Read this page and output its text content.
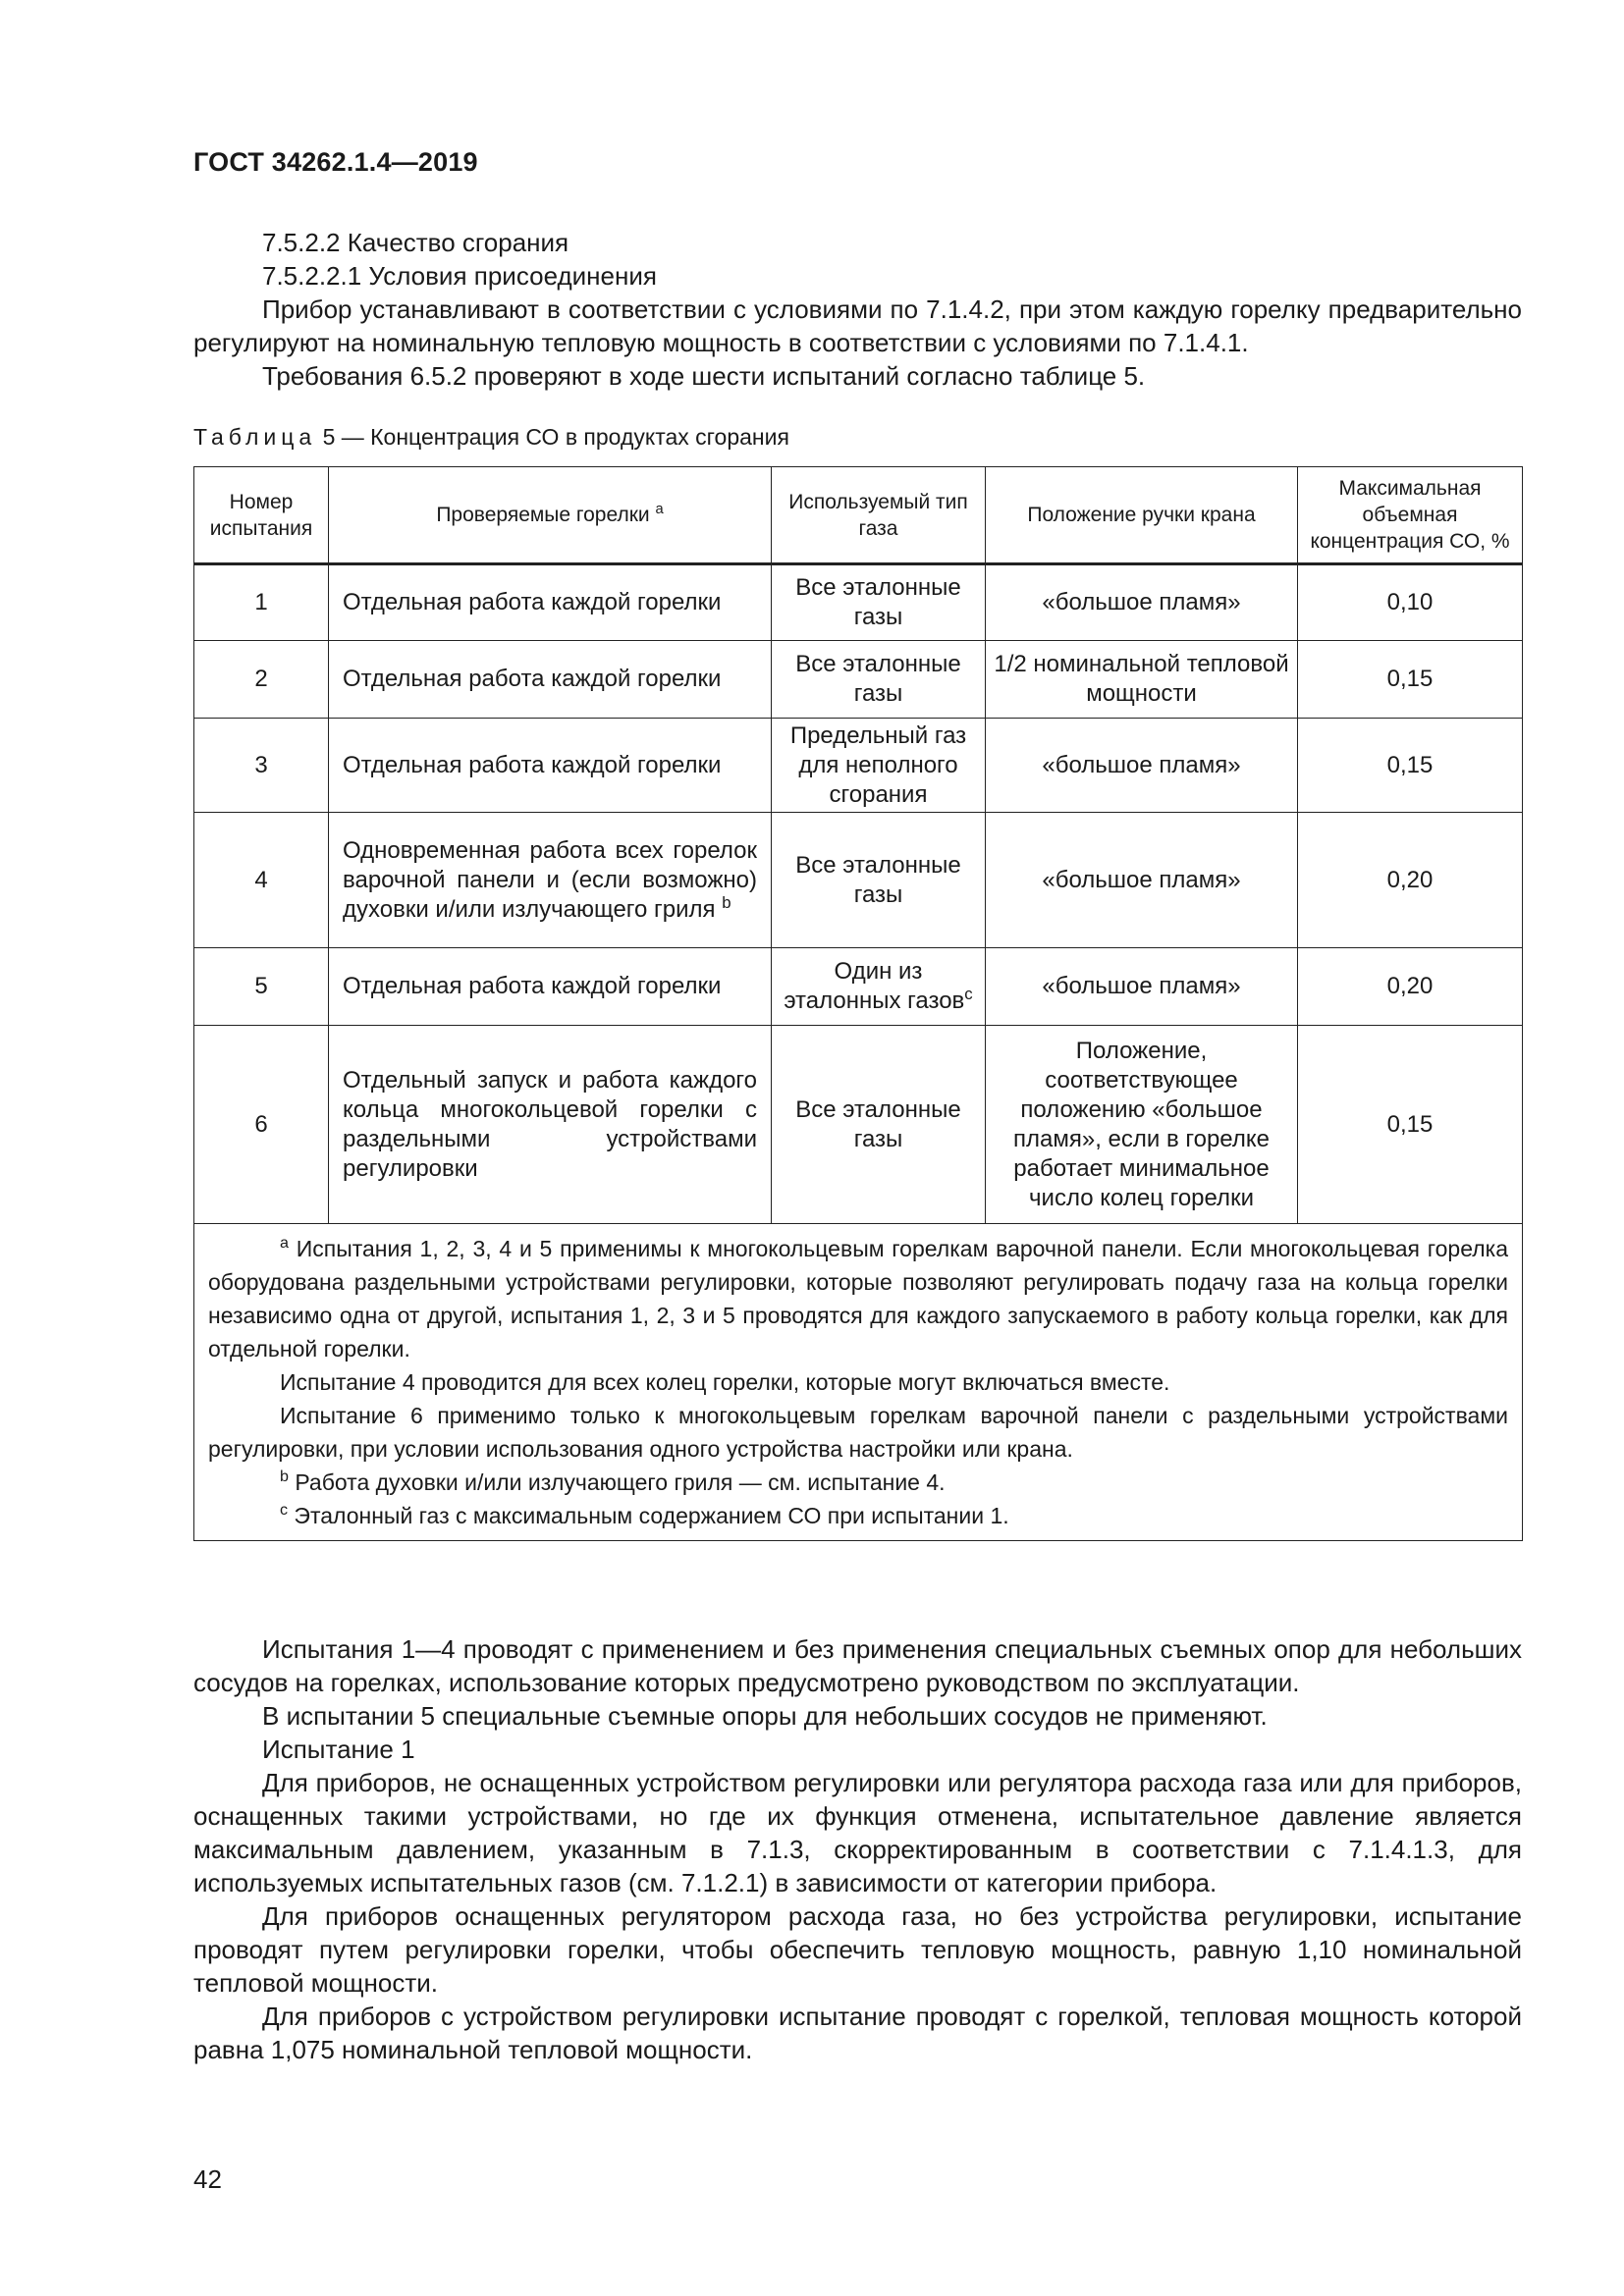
ГОСТ 34262.1.4—2019

7.5.2.2 Качество сгорания

7.5.2.2.1 Условия присоединения

Прибор устанавливают в соответствии с условиями по 7.1.4.2, при этом каждую горелку предварительно регулируют на номинальную тепловую мощность в соответствии с условиями по 7.1.4.1.

Требования 6.5.2 проверяют в ходе шести испытаний согласно таблице 5.

Таблица 5 — Концентрация СО в продуктах сгорания
Номер испытания	Проверяемые горелки $^a$	Используемый тип газа	Положение ручки крана	Максимальная объемная концентрация СО, %
1	Отдельная работа каждой горелки	Все эталонные газы	«большое пламя»	0,10
2	Отдельная работа каждой горелки	Все эталонные газы	1/2 номинальной тепловой мощности	0,15
3	Отдельная работа каждой горелки	Предельный газ для неполного сгорания	«большое пламя»	0,15
4	Одновременная работа всех горелок варочной панели и (если возможно) духовки и/или излучающего гриля $^b$	Все эталонные газы	«большое пламя»	0,20
5	Отдельная работа каждой горелки	Один из эталонных газов$^c$	«большое пламя»	0,20
6	Отдельный запуск и работа каждого кольца многокольцевой горелки с раздельными устройствами регулировки	Все эталонные газы	Положение, соответствующее положению «большое пламя», если в горелке работает минимальное число колец горелки	0,15

$^a$ Испытания 1, 2, 3, 4 и 5 применимы к многокольцевым горелкам варочной панели. Если многокольцевая горелка оборудована раздельными устройствами регулировки, которые позволяют регулировать подачу газа на кольца горелки независимо одна от другой, испытания 1, 2, 3 и 5 проводятся для каждого запускаемого в работу кольца горелки, как для отдельной горелки.

Испытание 4 проводится для всех колец горелки, которые могут включаться вместе.

Испытание 6 применимо только к многокольцевым горелкам варочной панели с раздельными устройствами регулировки, при условии использования одного устройства настройки или крана.

$^b$ Работа духовки и/или излучающего гриля — см. испытание 4.

$^c$ Эталонный газ с максимальным содержанием СО при испытании 1.				

Испытания 1—4 проводят с применением и без применения специальных съемных опор для небольших сосудов на горелках, использование которых предусмотрено руководством по эксплуатации.

В испытании 5 специальные съемные опоры для небольших сосудов не применяют.

Испытание 1

Для приборов, не оснащенных устройством регулировки или регулятора расхода газа или для приборов, оснащенных такими устройствами, но где их функция отменена, испытательное давление является максимальным давлением, указанным в 7.1.3, скорректированным в соответствии с 7.1.4.1.3, для используемых испытательных газов (см. 7.1.2.1) в зависимости от категории прибора.

Для приборов оснащенных регулятором расхода газа, но без устройства регулировки, испытание проводят путем регулировки горелки, чтобы обеспечить тепловую мощность, равную 1,10 номинальной тепловой мощности.

Для приборов с устройством регулировки испытание проводят с горелкой, тепловая мощность которой равна 1,075 номинальной тепловой мощности.

42
